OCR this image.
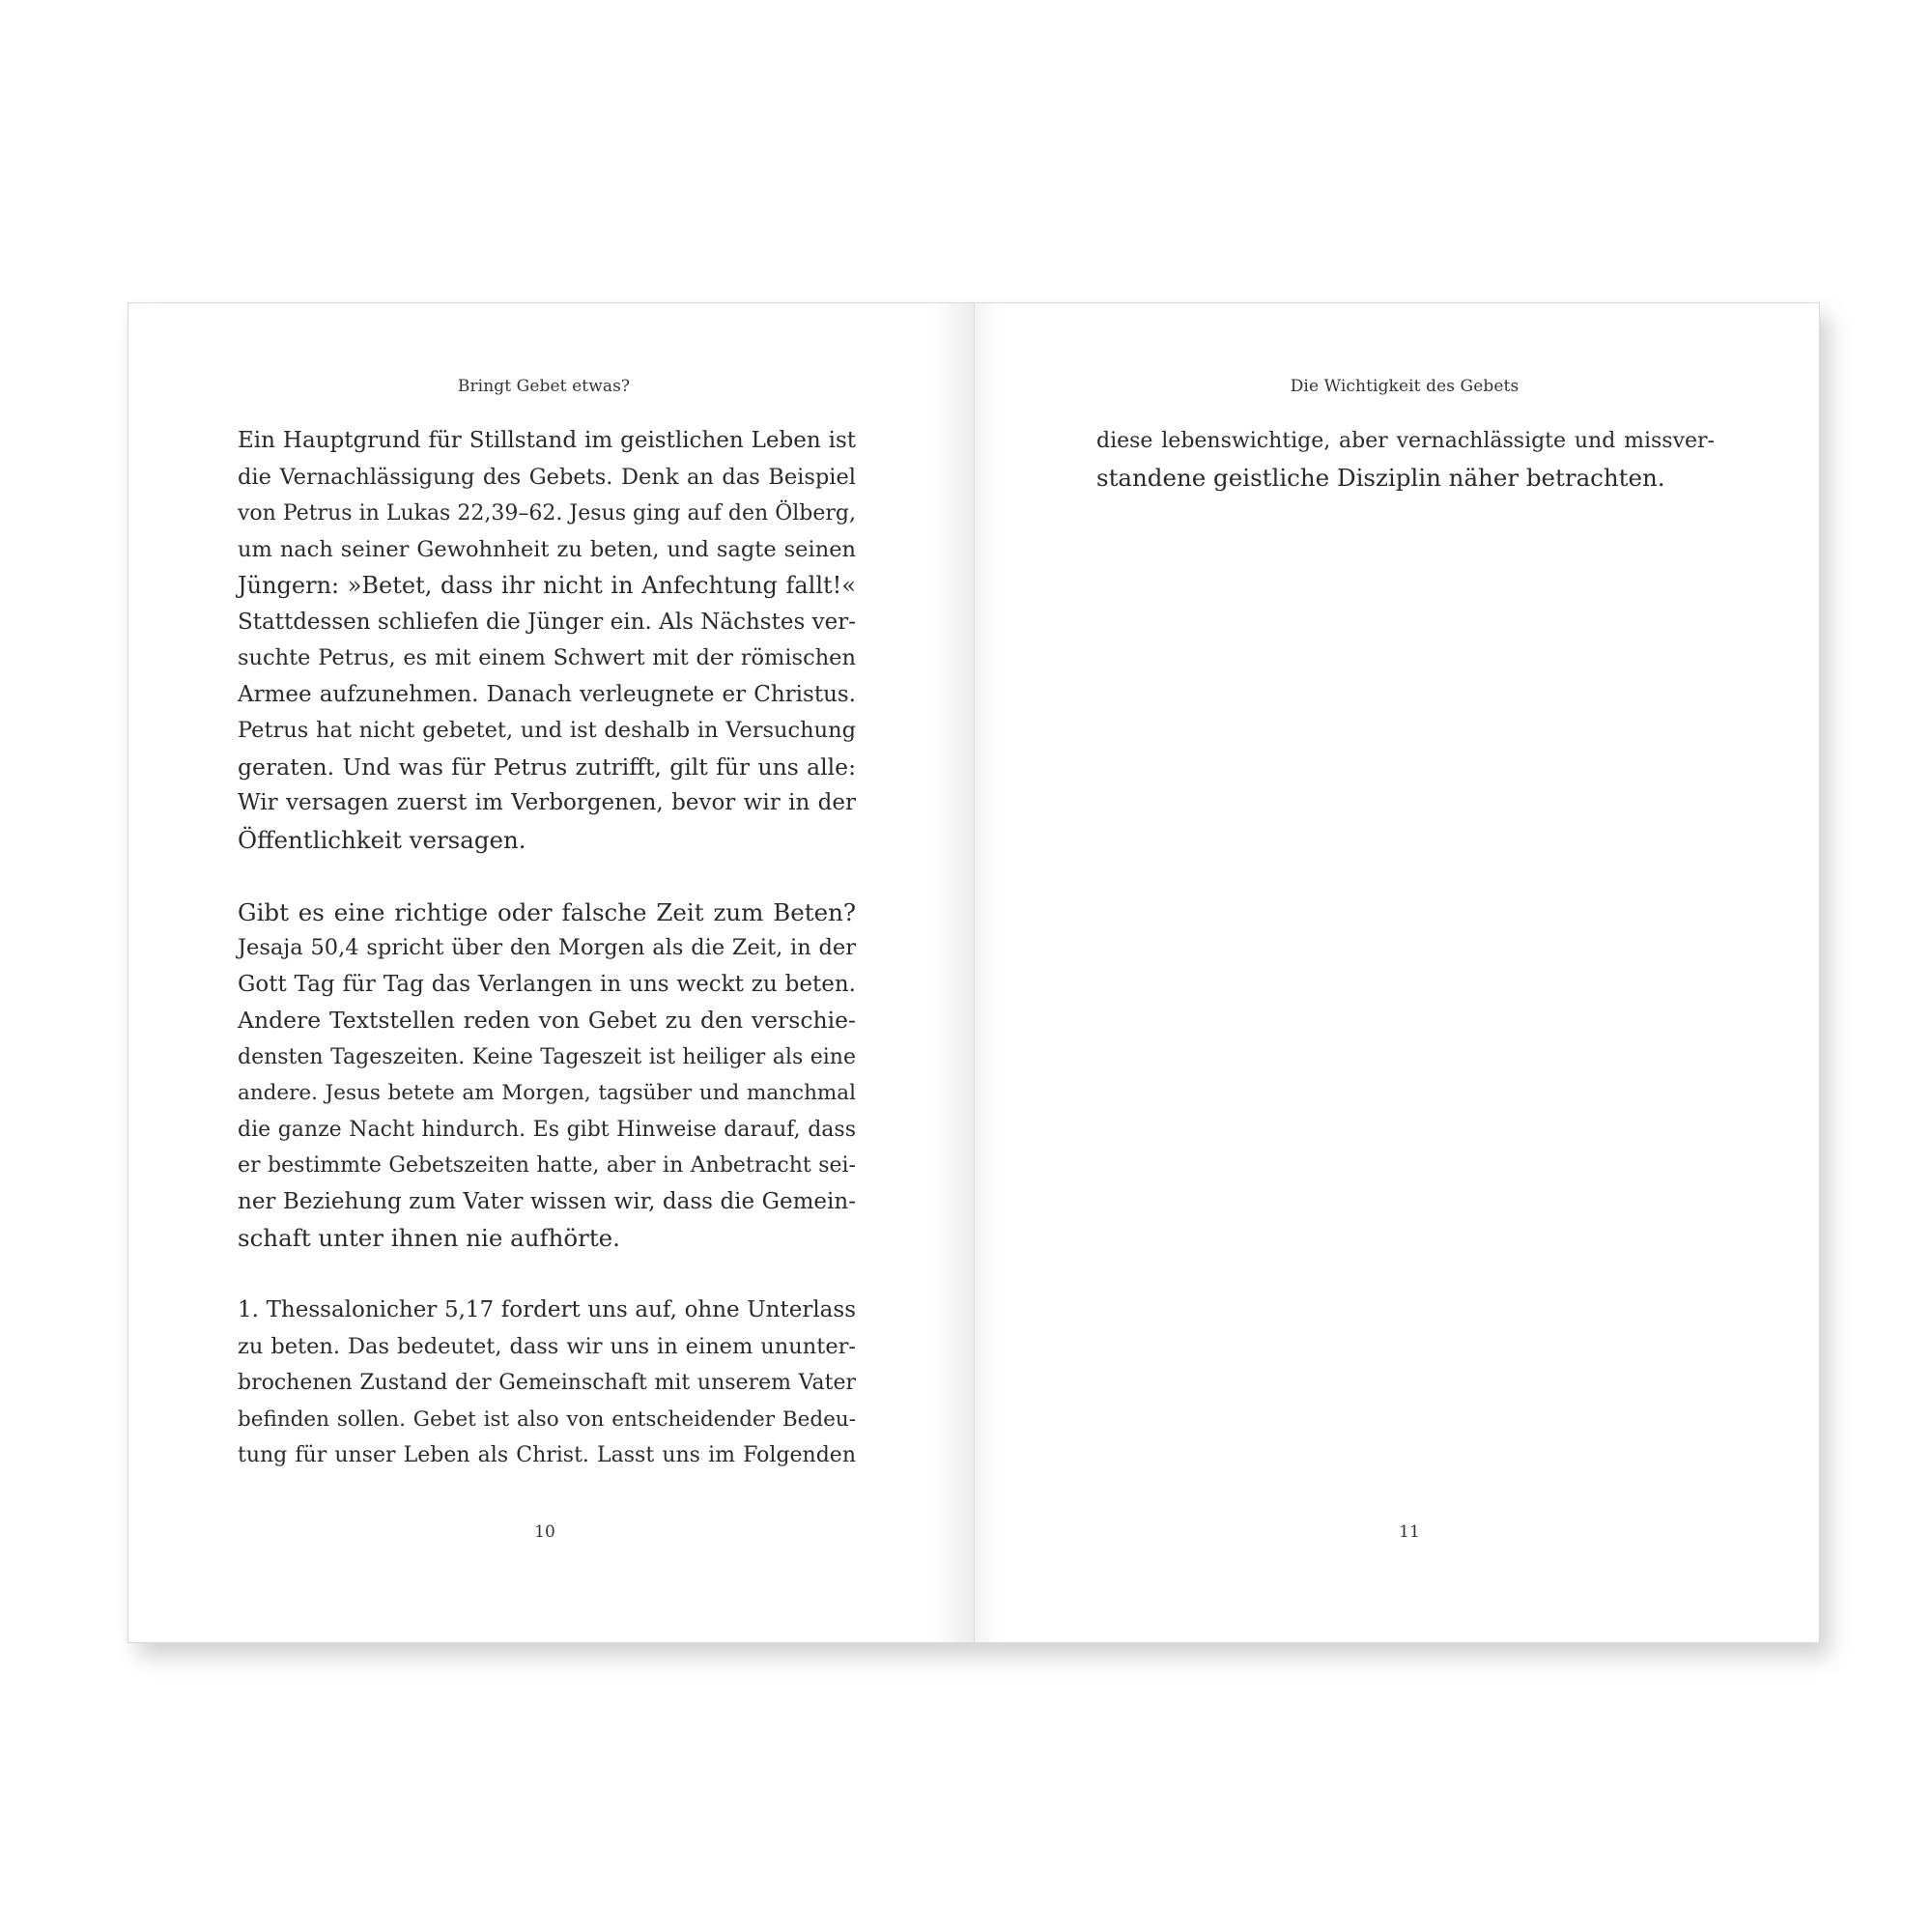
Bringt Gebet etwas?
Ein Hauptgrund für Stillstand im geistlichen Leben ist
die Vernachlässigung des Gebets. Denk an das Beispiel
von Petrus in Lukas 22,39–62. Jesus ging auf den Ölberg,
um nach seiner Gewohnheit zu beten, und sagte seinen
Jüngern: »Betet, dass ihr nicht in Anfechtung fallt!«
Stattdessen schliefen die Jünger ein. Als Nächstes ver-
suchte Petrus, es mit einem Schwert mit der römischen
Armee aufzunehmen. Danach verleugnete er Christus.
Petrus hat nicht gebetet, und ist deshalb in Versuchung
geraten. Und was für Petrus zutrifft, gilt für uns alle:
Wir versagen zuerst im Verborgenen, bevor wir in der
Öffentlichkeit versagen.
Gibt es eine richtige oder falsche Zeit zum Beten?
Jesaja 50,4 spricht über den Morgen als die Zeit, in der
Gott Tag für Tag das Verlangen in uns weckt zu beten.
Andere Textstellen reden von Gebet zu den verschie-
densten Tageszeiten. Keine Tageszeit ist heiliger als eine
andere. Jesus betete am Morgen, tagsüber und manchmal
die ganze Nacht hindurch. Es gibt Hinweise darauf, dass
er bestimmte Gebetszeiten hatte, aber in Anbetracht sei-
ner Beziehung zum Vater wissen wir, dass die Gemein-
schaft unter ihnen nie aufhörte.
1. Thessalonicher 5,17 fordert uns auf, ohne Unterlass
zu beten. Das bedeutet, dass wir uns in einem ununter-
brochenen Zustand der Gemeinschaft mit unserem Vater
befinden sollen. Gebet ist also von entscheidender Bedeu-
tung für unser Leben als Christ. Lasst uns im Folgenden
10
Die Wichtigkeit des Gebets
diese lebenswichtige, aber vernachlässigte und missver-
standene geistliche Disziplin näher betrachten.
11
